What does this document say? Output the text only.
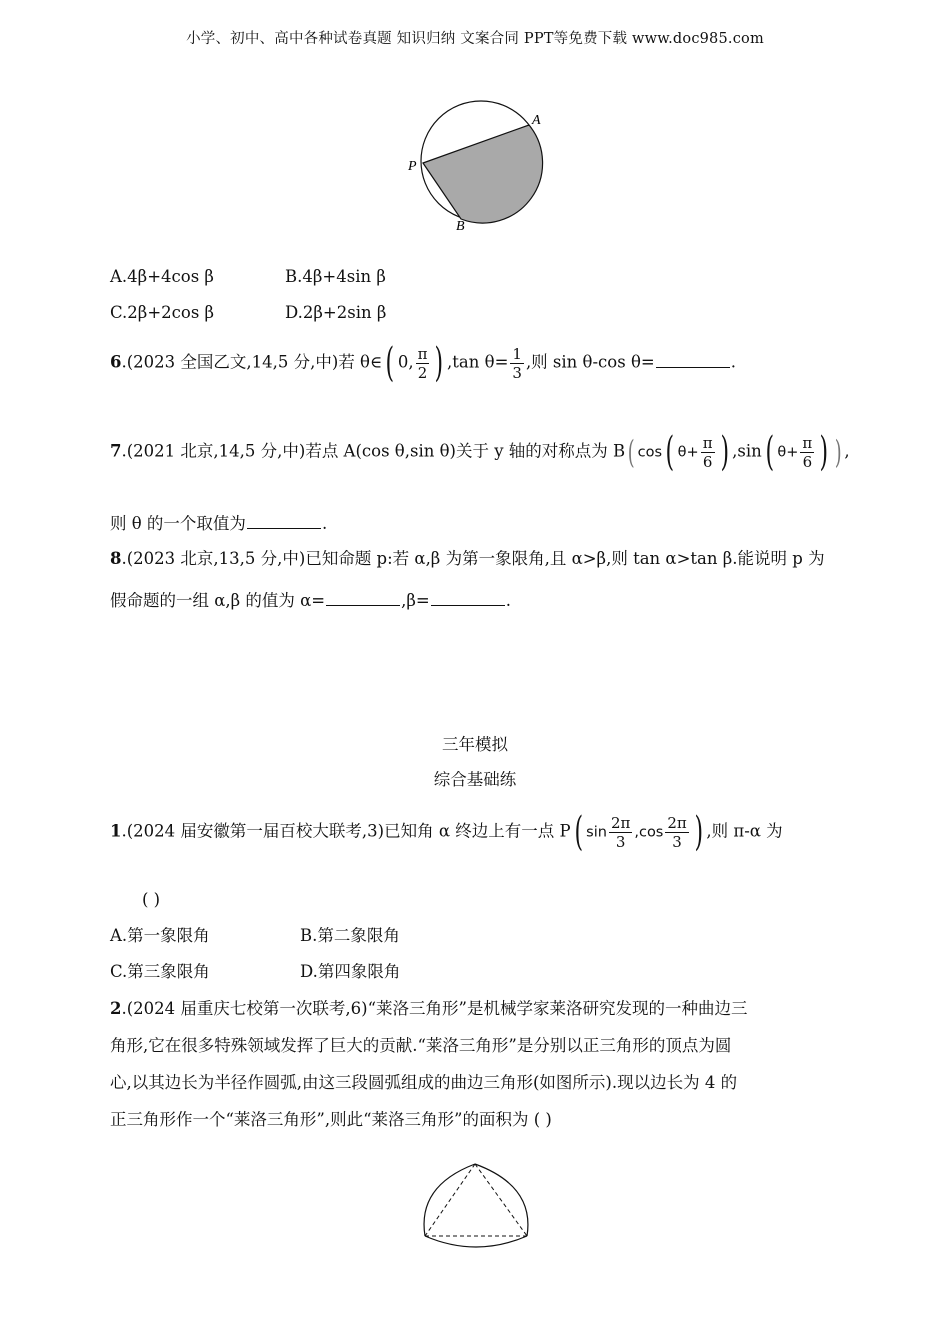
小学、初中、高中各种试卷真题 知识归纳 文案合同 PPT等免费下载 www.doc985.com
A
P
B
A.4β+4cos β	B.4β+4sin β
C.2β+2cos β	D.2β+2sin β
6.(2023 全国乙文,14,5 分,中)若 θ∈( 0, $\frac{\pi}{2}$ ) ,tan $\theta= \frac{1}{3}$ ,则 sin θ-cos θ=	.
7.(2021 北京,14,5 分,中)若点 A(cos θ,sin θ)关于 y 轴的对称点为 B( cos( $\theta+ \frac{\pi}{6}$ ) ,sin( $\theta+ \frac{\pi}{6}$ ) ) ,
则 θ 的一个取值为	.
8.(2023 北京,13,5 分,中)已知命题 p:若 α,β 为第一象限角,且 α>β,则 tan α>tan β.能说明 p 为
假命题的一组 α,β 的值为 α=	,β=	.
三年模拟
综合基础练
1.(2024 届安徽第一届百校大联考,3)已知角 α 终边上有一点 P( $\sin \frac{2\pi}{3} ,\cos \frac{2\pi}{3}$ ) ,则 π-α 为
( )
A.第一象限角	B.第二象限角
C.第三象限角	D.第四象限角
2.(2024 届重庆七校第一次联考,6)“莱洛三角形”是机械学家莱洛研究发现的一种曲边三
角形,它在很多特殊领域发挥了巨大的贡献.“莱洛三角形”是分别以正三角形的顶点为圆
心,以其边长为半径作圆弧,由这三段圆弧组成的曲边三角形(如图所示).现以边长为 4 的
正三角形作一个“莱洛三角形”,则此“莱洛三角形”的面积为 ( )
